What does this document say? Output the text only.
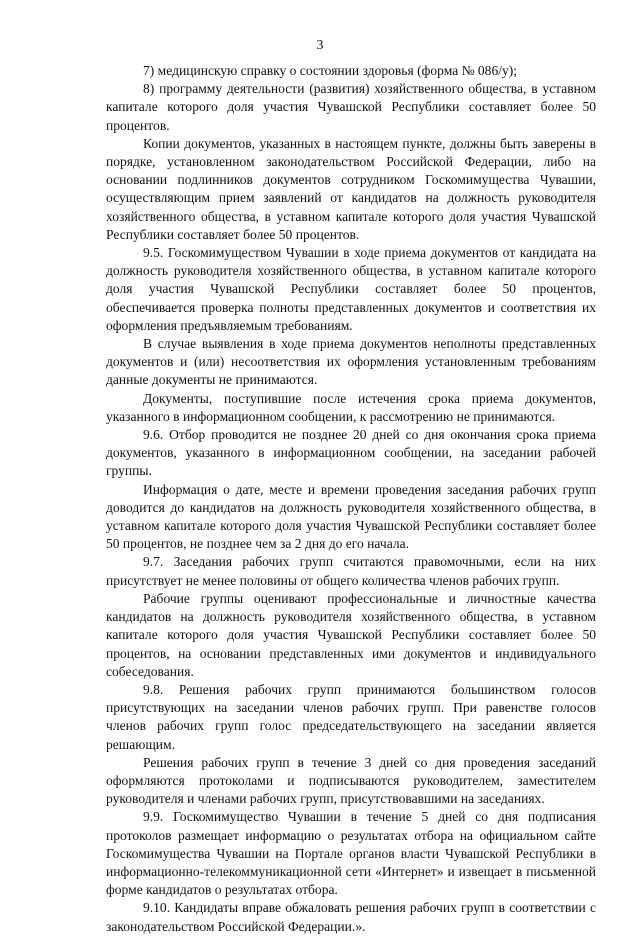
3

7) медицинскую справку о состоянии здоровья (форма № 086/у);

8) программу деятельности (развития) хозяйственного общества, в уставном капитале которого доля участия Чувашской Республики составляет более 50 процентов.

Копии документов, указанных в настоящем пункте, должны быть заверены в порядке, установленном законодательством Российской Федерации, либо на основании подлинников документов сотрудником Госкомимущества Чувашии, осуществляющим прием заявлений от кандидатов на должность руководителя хозяйственного общества, в уставном капитале которого доля участия Чувашской Республики составляет более 50 процентов.

9.5. Госкомимуществом Чувашии в ходе приема документов от кандидата на должность руководителя хозяйственного общества, в уставном капитале которого доля участия Чувашской Республики составляет более 50 процентов, обеспечивается проверка полноты представленных документов и соответствия их оформления предъявляемым требованиям.

В случае выявления в ходе приема документов неполноты представленных документов и (или) несоответствия их оформления установленным требованиям данные документы не принимаются.

Документы, поступившие после истечения срока приема документов, указанного в информационном сообщении, к рассмотрению не принимаются.

9.6. Отбор проводится не позднее 20 дней со дня окончания срока приема документов, указанного в информационном сообщении, на заседании рабочей группы.

Информация о дате, месте и времени проведения заседания рабочих групп доводится до кандидатов на должность руководителя хозяйственного общества, в уставном капитале которого доля участия Чувашской Республики составляет более 50 процентов, не позднее чем за 2 дня до его начала.

9.7. Заседания рабочих групп считаются правомочными, если на них присутствует не менее половины от общего количества членов рабочих групп.

Рабочие группы оценивают профессиональные и личностные качества кандидатов на должность руководителя хозяйственного общества, в уставном капитале которого доля участия Чувашской Республики составляет более 50 процентов, на основании представленных ими документов и индивидуального собеседования.

9.8. Решения рабочих групп принимаются большинством голосов присутствующих на заседании членов рабочих групп. При равенстве голосов членов рабочих групп голос председательствующего на заседании является решающим.

Решения рабочих групп в течение 3 дней со дня проведения заседаний оформляются протоколами и подписываются руководителем, заместителем руководителя и членами рабочих групп, присутствовавшими на заседаниях.

9.9. Госкомимущество Чувашии в течение 5 дней со дня подписания протоколов размещает информацию о результатах отбора на официальном сайте Госкомимущества Чувашии на Портале органов власти Чувашской Республики в информационно-телекоммуникационной сети «Интернет» и извещает в письменной форме кандидатов о результатах отбора.

9.10. Кандидаты вправе обжаловать решения рабочих групп в соответствии с законодательством Российской Федерации.».
